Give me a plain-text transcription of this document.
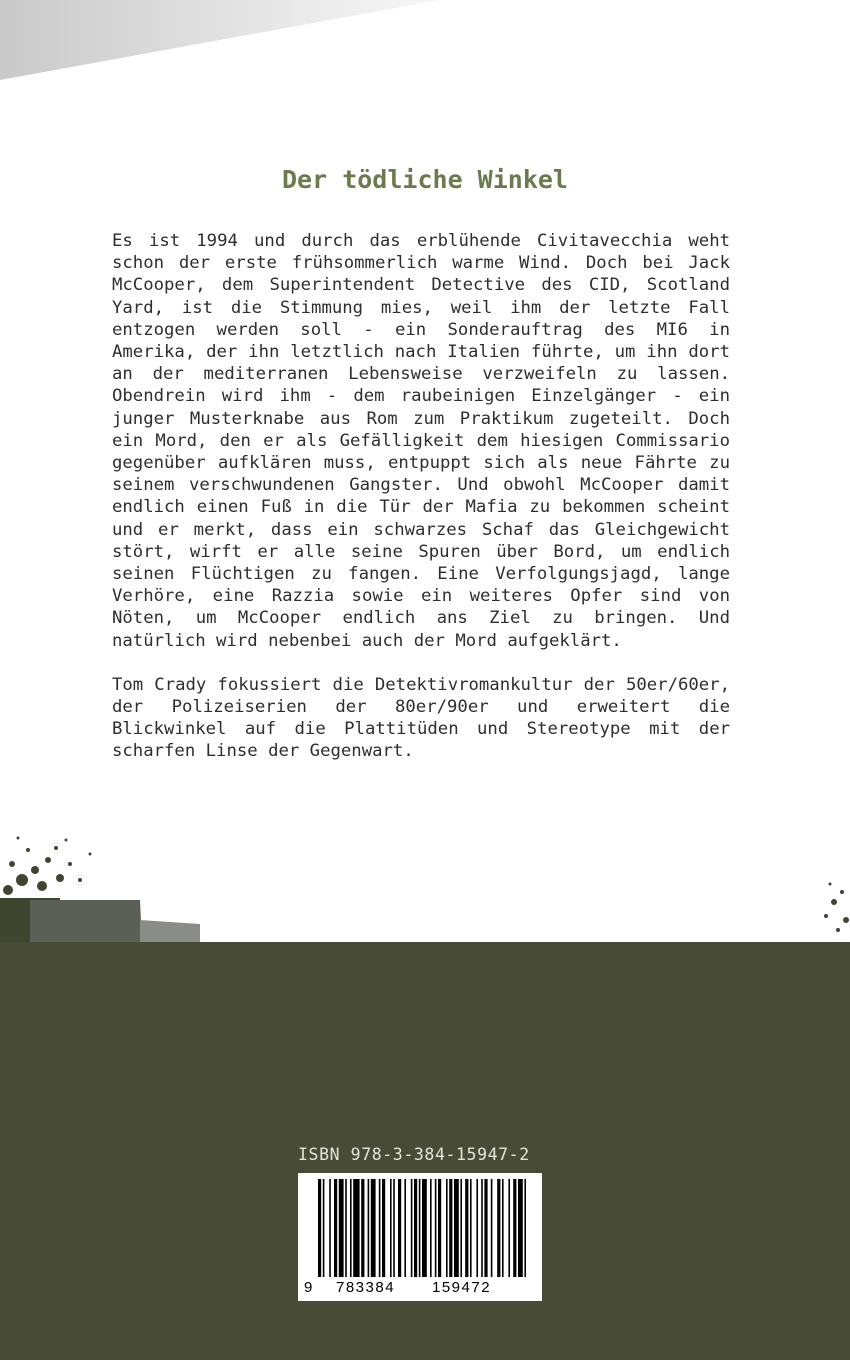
Der tödliche Winkel

Es ist 1994 und durch das erblühende Civitavecchia weht schon der erste frühsommerlich warme Wind. Doch bei Jack McCooper, dem Superintendent Detective des CID, Scotland Yard, ist die Stimmung mies, weil ihm der letzte Fall entzogen werden soll - ein Sonderauftrag des MI6 in Amerika, der ihn letztlich nach Italien führte, um ihn dort an der mediterranen Lebensweise verzweifeln zu lassen. Obendrein wird ihm - dem raubeinigen Einzelgänger - ein junger Musterknabe aus Rom zum Praktikum zugeteilt. Doch ein Mord, den er als Gefälligkeit dem hiesigen Commissario gegenüber aufklären muss, entpuppt sich als neue Fährte zu seinem verschwundenen Gangster. Und obwohl McCooper damit endlich einen Fuß in die Tür der Mafia zu bekommen scheint und er merkt, dass ein schwarzes Schaf das Gleichgewicht stört, wirft er alle seine Spuren über Bord, um endlich seinen Flüchtigen zu fangen. Eine Verfolgungsjagd, lange Verhöre, eine Razzia sowie ein weiteres Opfer sind von Nöten, um McCooper endlich ans Ziel zu bringen. Und natürlich wird nebenbei auch der Mord aufgeklärt.

Tom Crady fokussiert die Detektivromankultur der 50er/60er, der Polizeiserien der 80er/90er und erweitert die Blickwinkel auf die Plattitüden und Stereotype mit der scharfen Linse der Gegenwart.

ISBN 978-3-384-15947-2
9 783384 159472
